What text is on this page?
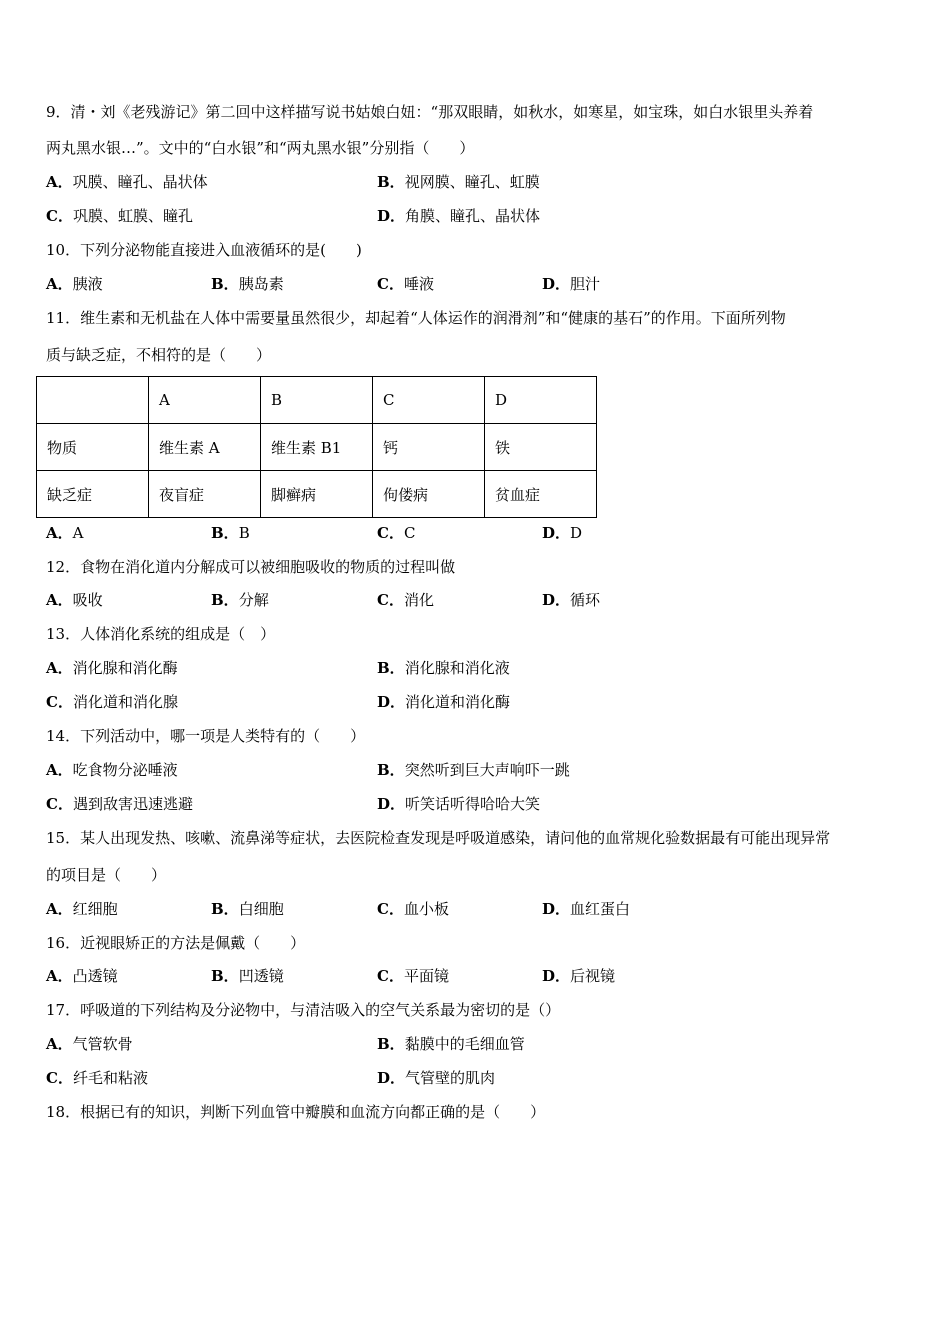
9．清・刘《老残游记》第二回中这样描写说书姑娘白妞：“那双眼睛，如秋水，如寒星，如宝珠，如白水银里头养着
两丸黑水银…”。文中的“白水银”和“两丸黑水银”分别指（　　）
A．巩膜、瞳孔、晶状体	B．视网膜、瞳孔、虹膜
C．巩膜、虹膜、瞳孔	D．角膜、瞳孔、晶状体
10．下列分泌物能直接进入血液循环的是(　　)
A．胰液	B．胰岛素	C．唾液	D．胆汁
11．维生素和无机盐在人体中需要量虽然很少，却起着“人体运作的润滑剂”和“健康的基石”的作用。下面所列物
质与缺乏症，不相符的是（　　）
	A	B	C	D
物质	维生素 A	维生素 B1	钙	铁
缺乏症	夜盲症	脚癣病	佝偻病	贫血症
A．A	B．B	C．C	D．D
12．食物在消化道内分解成可以被细胞吸收的物质的过程叫做
A．吸收	B．分解	C．消化	D．循环
13．人体消化系统的组成是（　）
A．消化腺和消化酶	B．消化腺和消化液
C．消化道和消化腺	D．消化道和消化酶
14．下列活动中，哪一项是人类特有的（　　）
A．吃食物分泌唾液	B．突然听到巨大声响吓一跳
C．遇到敌害迅速逃避	D．听笑话听得哈哈大笑
15．某人出现发热、咳嗽、流鼻涕等症状，去医院检查发现是呼吸道感染，请问他的血常规化验数据最有可能出现异常
的项目是（　　）
A．红细胞	B．白细胞	C．血小板	D．血红蛋白
16．近视眼矫正的方法是佩戴（　　）
A．凸透镜	B．凹透镜	C．平面镜	D．后视镜
17．呼吸道的下列结构及分泌物中，与清洁吸入的空气关系最为密切的是（）
A．气管软骨	B．黏膜中的毛细血管
C．纤毛和粘液	D．气管壁的肌肉
18．根据已有的知识，判断下列血管中瓣膜和血流方向都正确的是（　　）
